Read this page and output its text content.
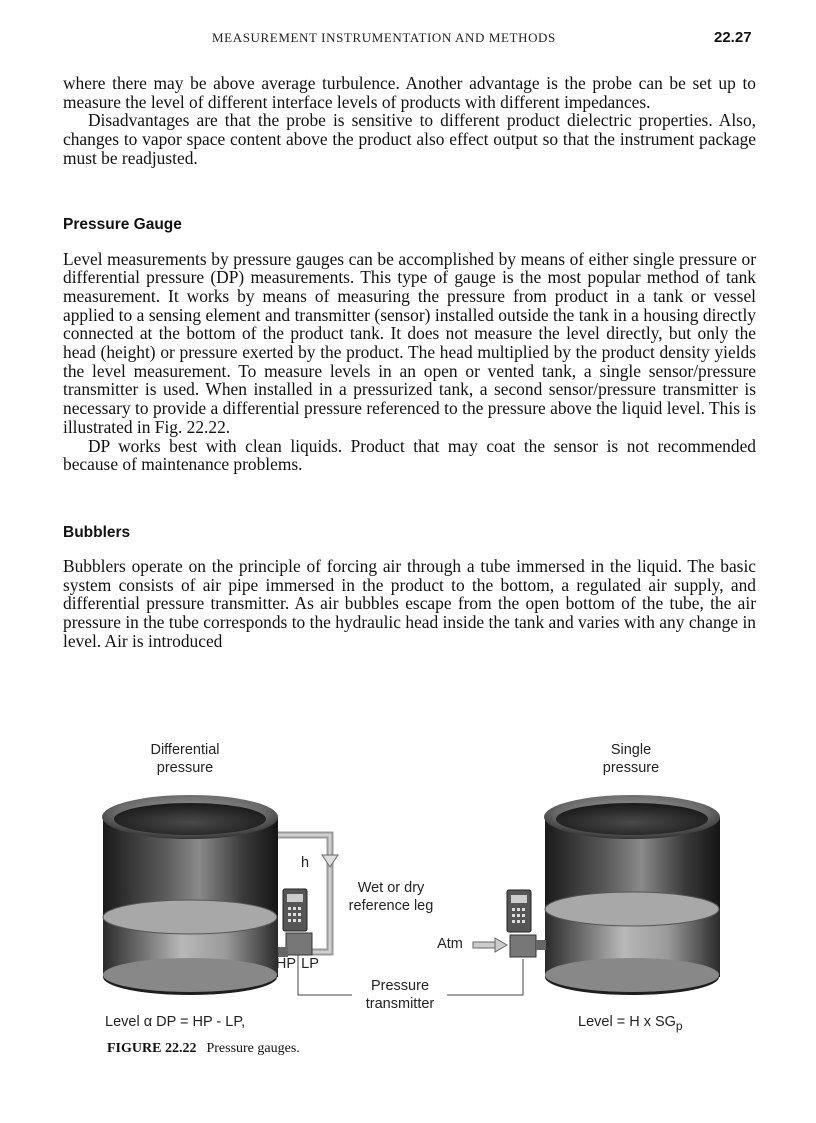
MEASUREMENT INSTRUMENTATION AND METHODS	22.27

where there may be above average turbulence. Another advantage is the probe can be set up to measure the level of different interface levels of products with different impedances.

Disadvantages are that the probe is sensitive to different product dielectric properties. Also, changes to vapor space content above the product also effect output so that the instrument package must be readjusted.

Pressure Gauge

Level measurements by pressure gauges can be accomplished by means of either single pressure or differential pressure (DP) measurements. This type of gauge is the most popular method of tank measurement. It works by means of measuring the pressure from product in a tank or vessel applied to a sensing element and transmitter (sensor) installed outside the tank in a housing directly connected at the bottom of the product tank. It does not measure the level directly, but only the head (height) or pressure exerted by the product. The head multiplied by the product density yields the level measurement. To measure levels in an open or vented tank, a single sensor/pressure transmitter is used. When installed in a pressurized tank, a second sensor/pressure transmitter is necessary to provide a differential pressure referenced to the pressure above the liquid level. This is illustrated in Fig. 22.22.

DP works best with clean liquids. Product that may coat the sensor is not recommended because of maintenance problems.

Bubblers

Bubblers operate on the principle of forcing air through a tube immersed in the liquid. The basic system consists of air pipe immersed in the product to the bottom, a regulated air supply, and differential pressure transmitter. As air bubbles escape from the open bottom of the tube, the air pressure in the tube corresponds to the hydraulic head inside the tank and varies with any change in level. Air is introduced

Differential
pressure
Single
pressure
h
Wet or dry
reference leg
Atm
HP LP
Pressure
transmitter
Level α DP = HP - LP,	Level = H x $SG_p$
FIGURE 22.22 Pressure gauges.
